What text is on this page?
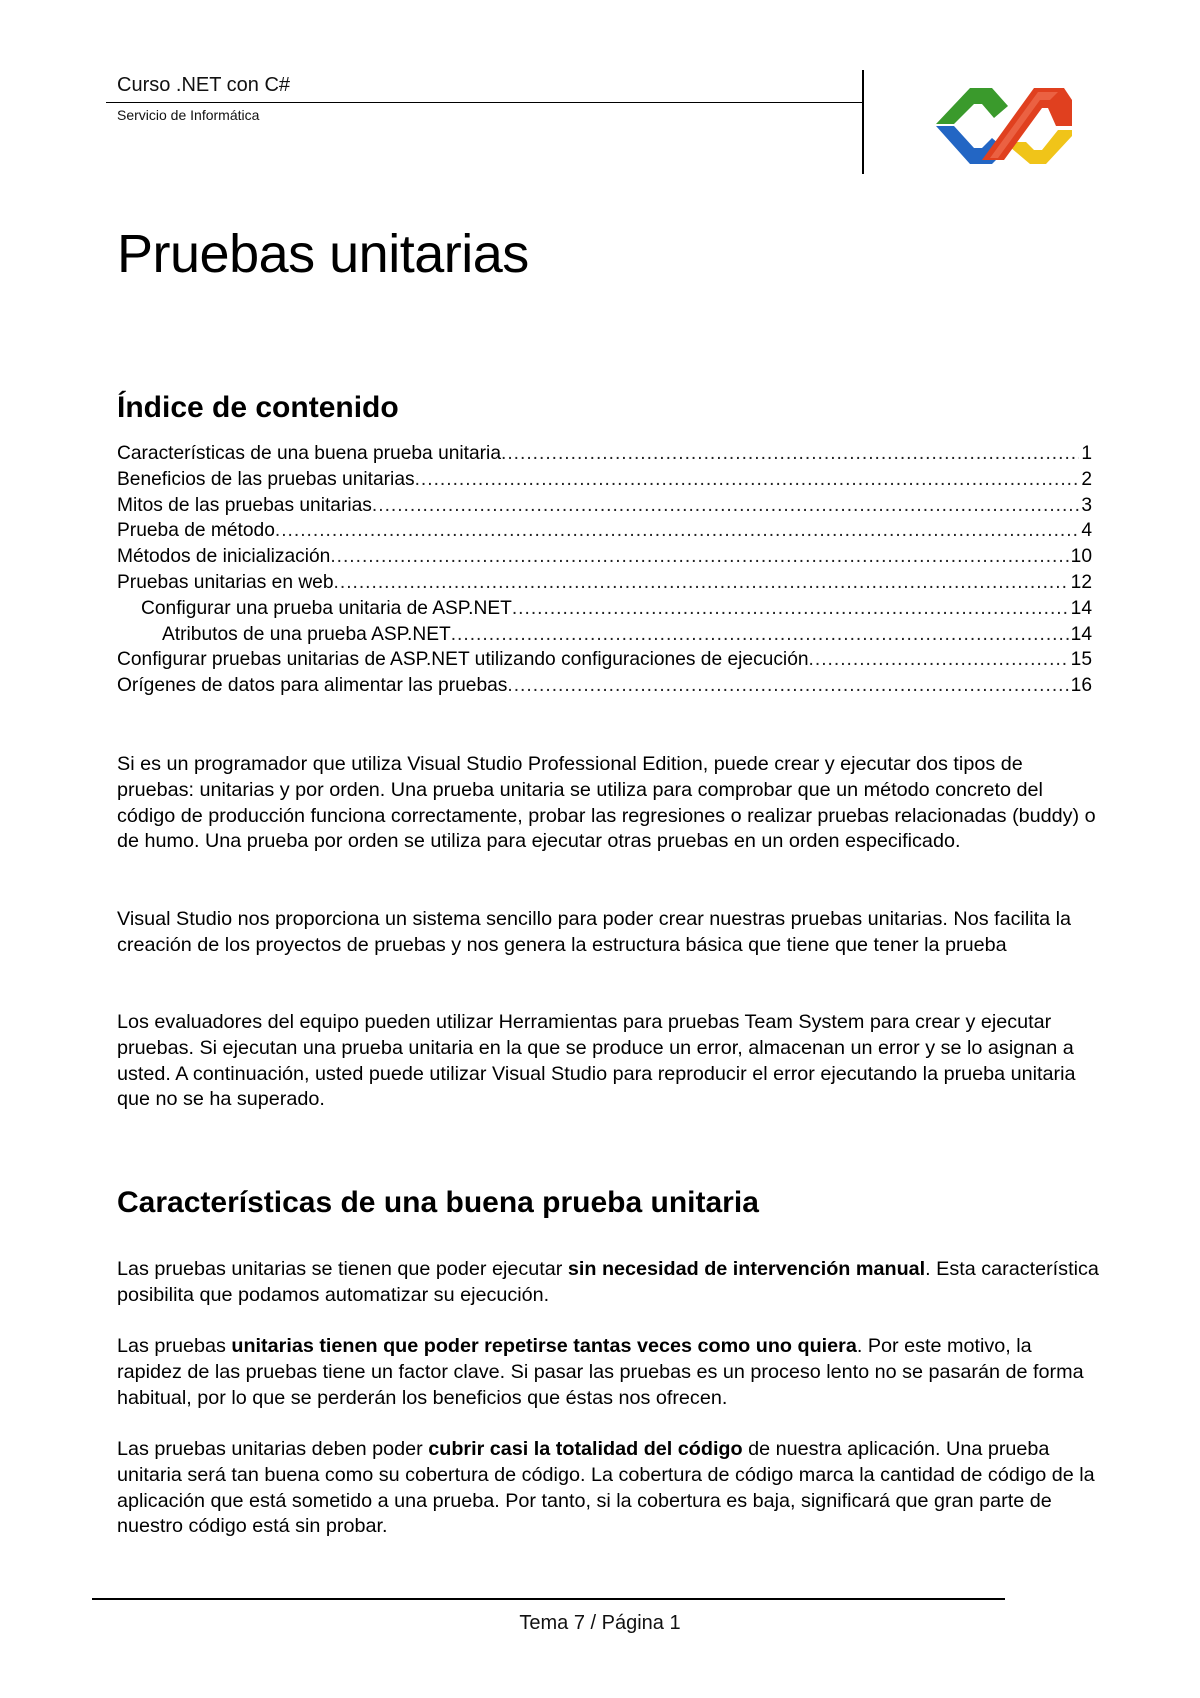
Curso .NET con C#
Servicio de Informática
Pruebas unitarias
Índice de contenido
Características de una buena prueba unitaria .....	1
Beneficios de las pruebas unitarias .....	2
Mitos de las pruebas unitarias .....	3
Prueba de método .....	4
Métodos de inicialización .....	10
Pruebas unitarias en web .....	12
Configurar una prueba unitaria de ASP.NET .....	14
Atributos de una prueba ASP.NET .....	14
Configurar pruebas unitarias de ASP.NET utilizando configuraciones de ejecución .....	15
Orígenes de datos para alimentar las pruebas .....	16

Si es un programador que utiliza Visual Studio Professional Edition, puede crear y ejecutar dos tipos de pruebas: unitarias y por orden. Una prueba unitaria se utiliza para comprobar que un método concreto del código de producción funciona correctamente, probar las regresiones o realizar pruebas relacionadas (buddy) o de humo. Una prueba por orden se utiliza para ejecutar otras pruebas en un orden especificado.

Visual Studio nos proporciona un sistema sencillo para poder crear nuestras pruebas unitarias. Nos facilita la creación de los proyectos de pruebas y nos genera la estructura básica que tiene que tener la prueba

Los evaluadores del equipo pueden utilizar Herramientas para pruebas Team System para crear y ejecutar pruebas. Si ejecutan una prueba unitaria en la que se produce un error, almacenan un error y se lo asignan a usted. A continuación, usted puede utilizar Visual Studio para reproducir el error ejecutando la prueba unitaria que no se ha superado.

Características de una buena prueba unitaria

Las pruebas unitarias se tienen que poder ejecutar sin necesidad de intervención manual. Esta característica posibilita que podamos automatizar su ejecución.

Las pruebas unitarias tienen que poder repetirse tantas veces como uno quiera. Por este motivo, la rapidez de las pruebas tiene un factor clave. Si pasar las pruebas es un proceso lento no se pasarán de forma habitual, por lo que se perderán los beneficios que éstas nos ofrecen.

Las pruebas unitarias deben poder cubrir casi la totalidad del código de nuestra aplicación. Una prueba unitaria será tan buena como su cobertura de código. La cobertura de código marca la cantidad de código de la aplicación que está sometido a una prueba. Por tanto, si la cobertura es baja, significará que gran parte de nuestro código está sin probar.

Tema 7 / Página 1
